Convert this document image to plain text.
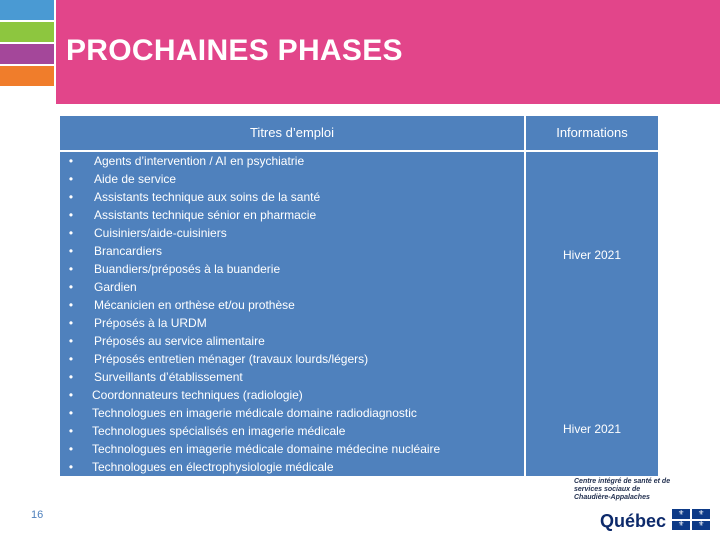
PROCHAINES PHASES
Titres d’emploi	Informations
• Agents d’intervention / AI en psychiatrie
• Aide de service
• Assistants technique aux soins de la santé
• Assistants technique sénior en pharmacie
• Cuisiniers/aide-cuisiniers
• Brancardiers
• Buandiers/préposés à la buanderie
• Gardien
• Mécanicien en orthèse et/ou prothèse
• Préposés à la URDM
• Préposés au service alimentaire
• Préposés entretien ménager (travaux lourds/légers)
• Surveillants d’établissement
• Coordonnateurs techniques (radiologie)
• Technologues en imagerie médicale domaine radiodiagnostic
• Technologues spécialisés en imagerie médicale
• Technologues en imagerie médicale domaine médecine nucléaire
• Technologues en électrophysiologie médicale
Hiver 2021
Hiver 2021
16
Centre intégré de santé et de services sociaux de Chaudière-Appalaches
Québec ⚜ ⚜
⚜ ⚜
